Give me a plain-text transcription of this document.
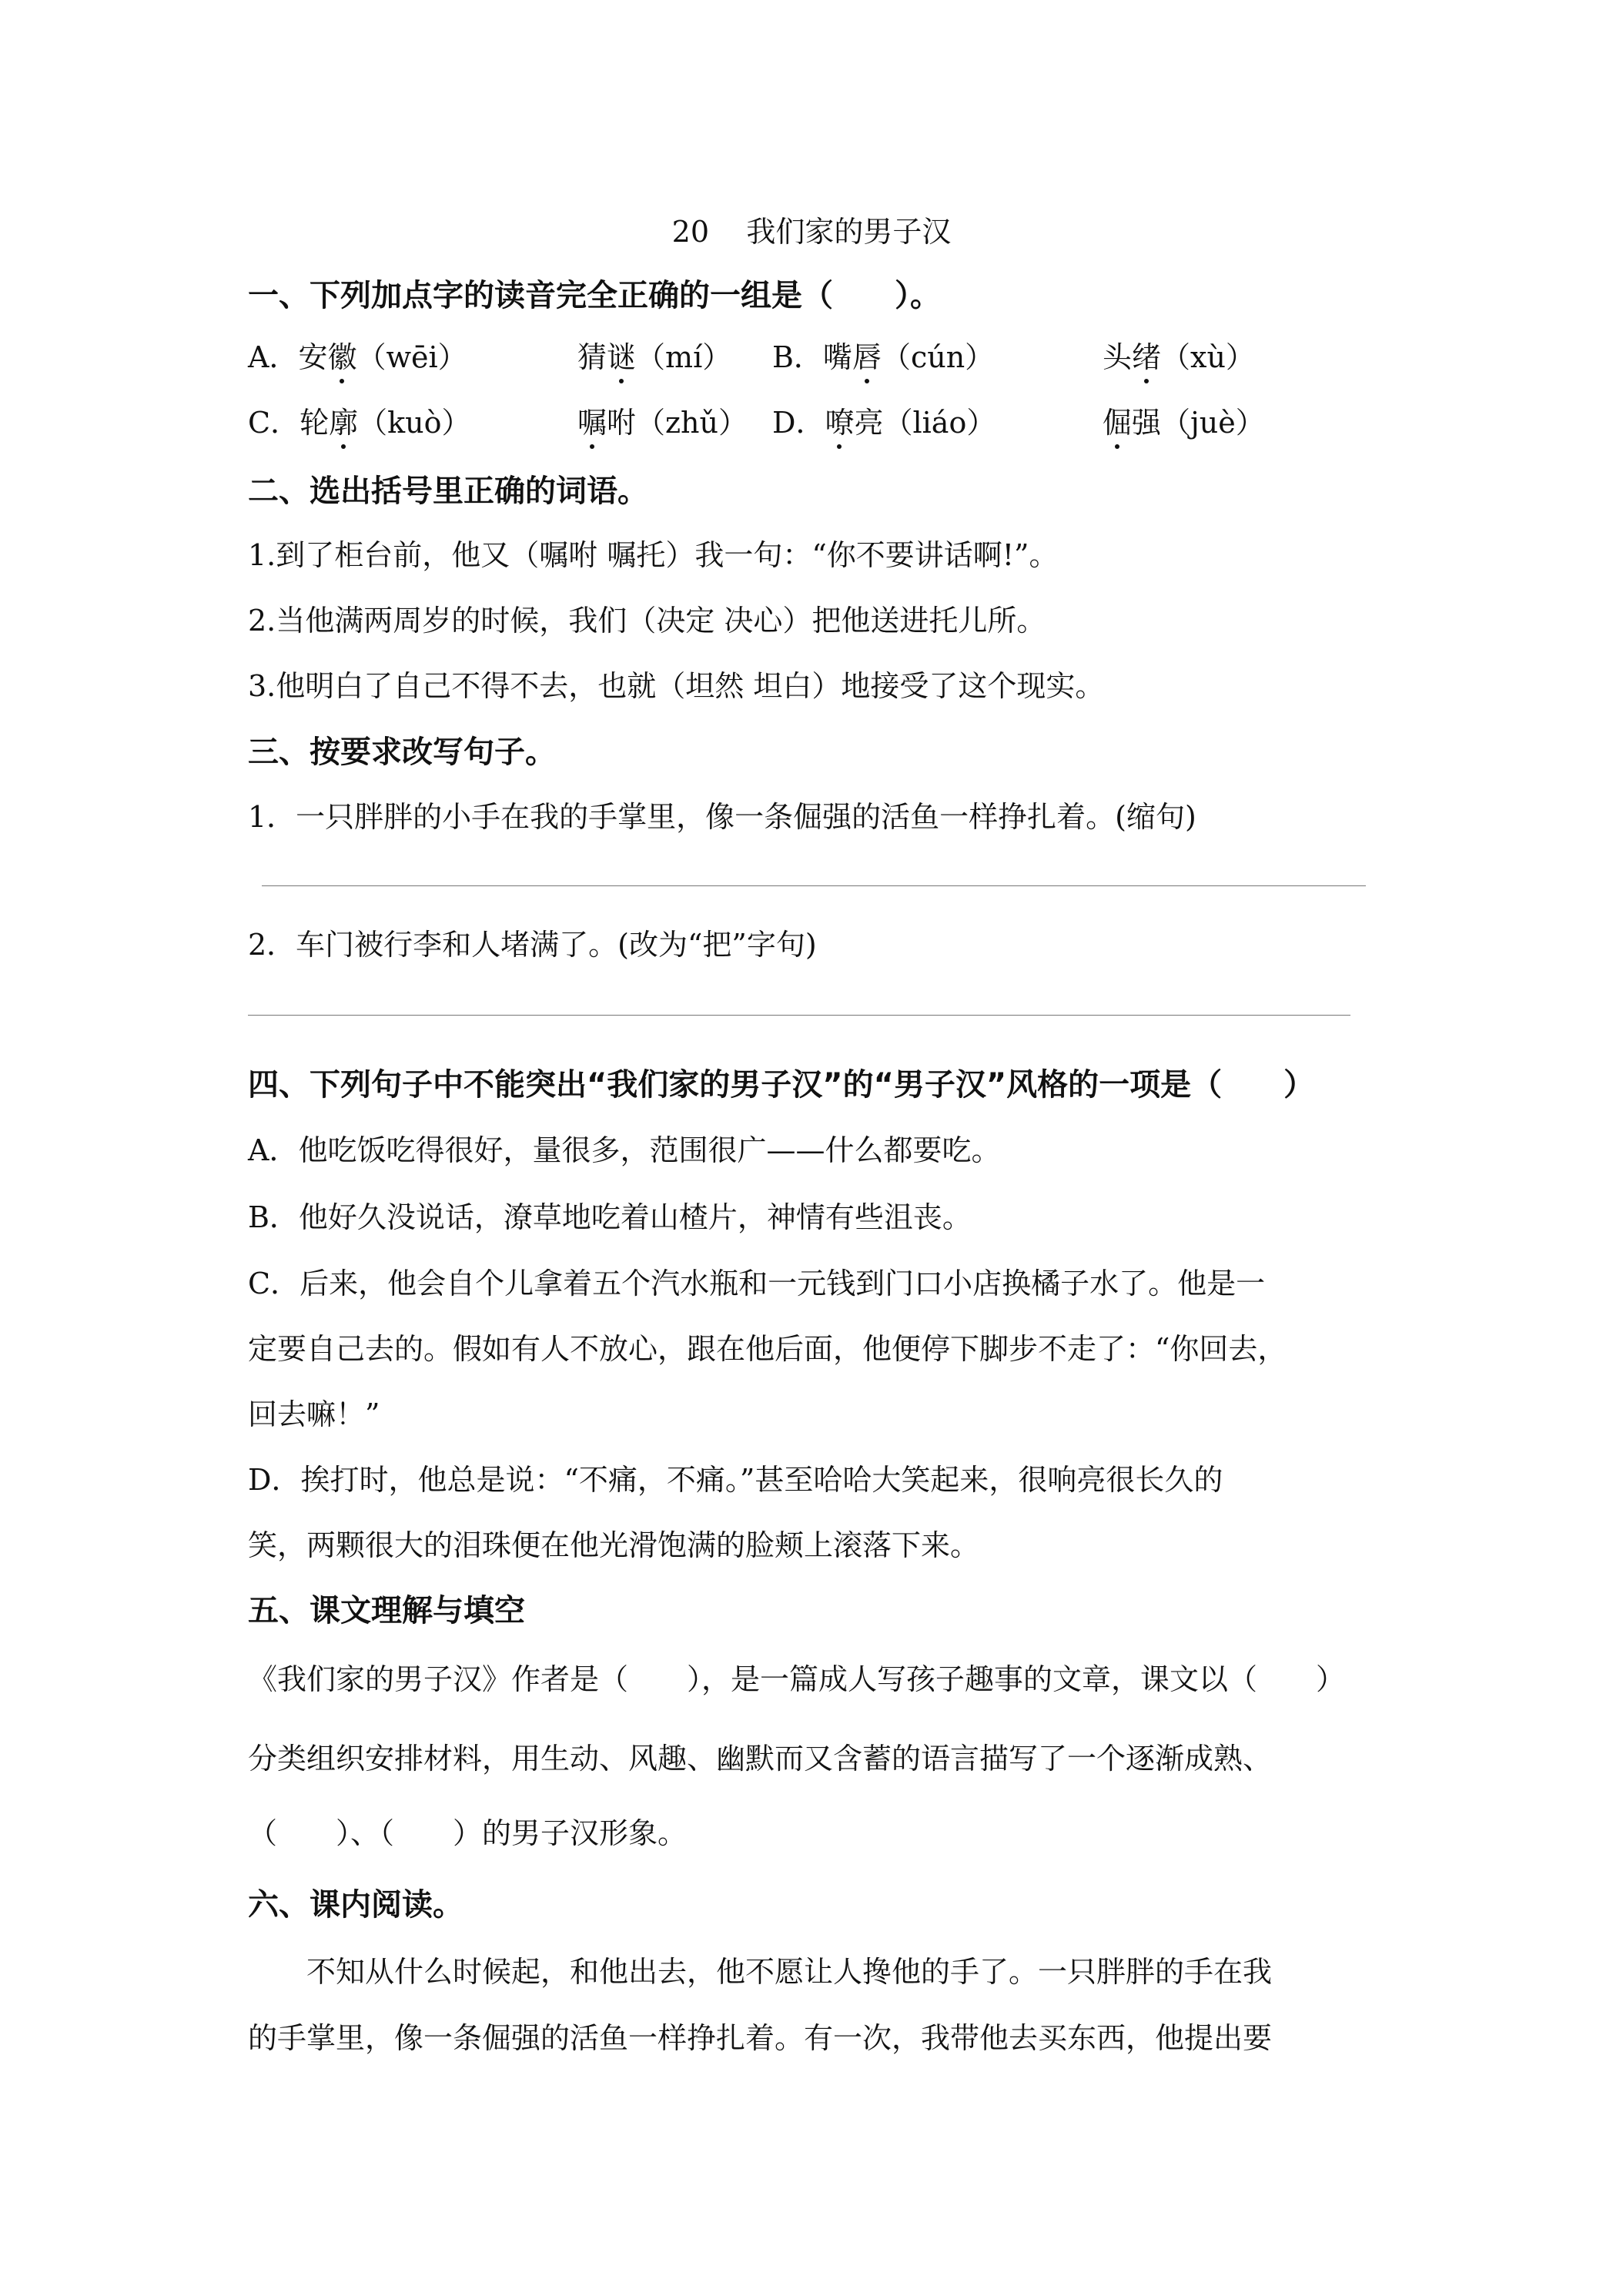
20    我们家的男子汉
一、下列加点字的读音完全正确的一组是（　　）。
A．安徽（wēi）	猜谜（mí） B．嘴唇（cún）	头绪（xù）
C．轮廓（kuò）	嘱咐（zhǔ） D．嘹亮（liáo）	倔强（juè）
二、选出括号里正确的词语。
1.到了柜台前，他又（嘱咐 嘱托）我一句：“你不要讲话啊!”。
2.当他满两周岁的时候，我们（决定 决心）把他送进托儿所。
3.他明白了自己不得不去，也就（坦然 坦白）地接受了这个现实。
三、按要求改写句子。
1．一只胖胖的小手在我的手掌里，像一条倔强的活鱼一样挣扎着。(缩句)
2．车门被行李和人堵满了。(改为“把”字句)
四、下列句子中不能突出“我们家的男子汉”的“男子汉”风格的一项是（　　）
A．他吃饭吃得很好，量很多，范围很广——什么都要吃。
B．他好久没说话，潦草地吃着山楂片，神情有些沮丧。
C．后来，他会自个儿拿着五个汽水瓶和一元钱到门口小店换橘子水了。他是一
定要自己去的。假如有人不放心，跟在他后面，他便停下脚步不走了：“你回去，
回去嘛！”
D．挨打时，他总是说：“不痛，不痛。”甚至哈哈大笑起来，很响亮很长久的
笑，两颗很大的泪珠便在他光滑饱满的脸颊上滚落下来。
五、课文理解与填空
《我们家的男子汉》作者是（　　），是一篇成人写孩子趣事的文章，课文以（　　）
分类组织安排材料，用生动、风趣、幽默而又含蓄的语言描写了一个逐渐成熟、
（　　）、（　　）的男子汉形象。
六、课内阅读。
　　不知从什么时候起，和他出去，他不愿让人搀他的手了。一只胖胖的手在我
的手掌里，像一条倔强的活鱼一样挣扎着。有一次，我带他去买东西，他提出要
